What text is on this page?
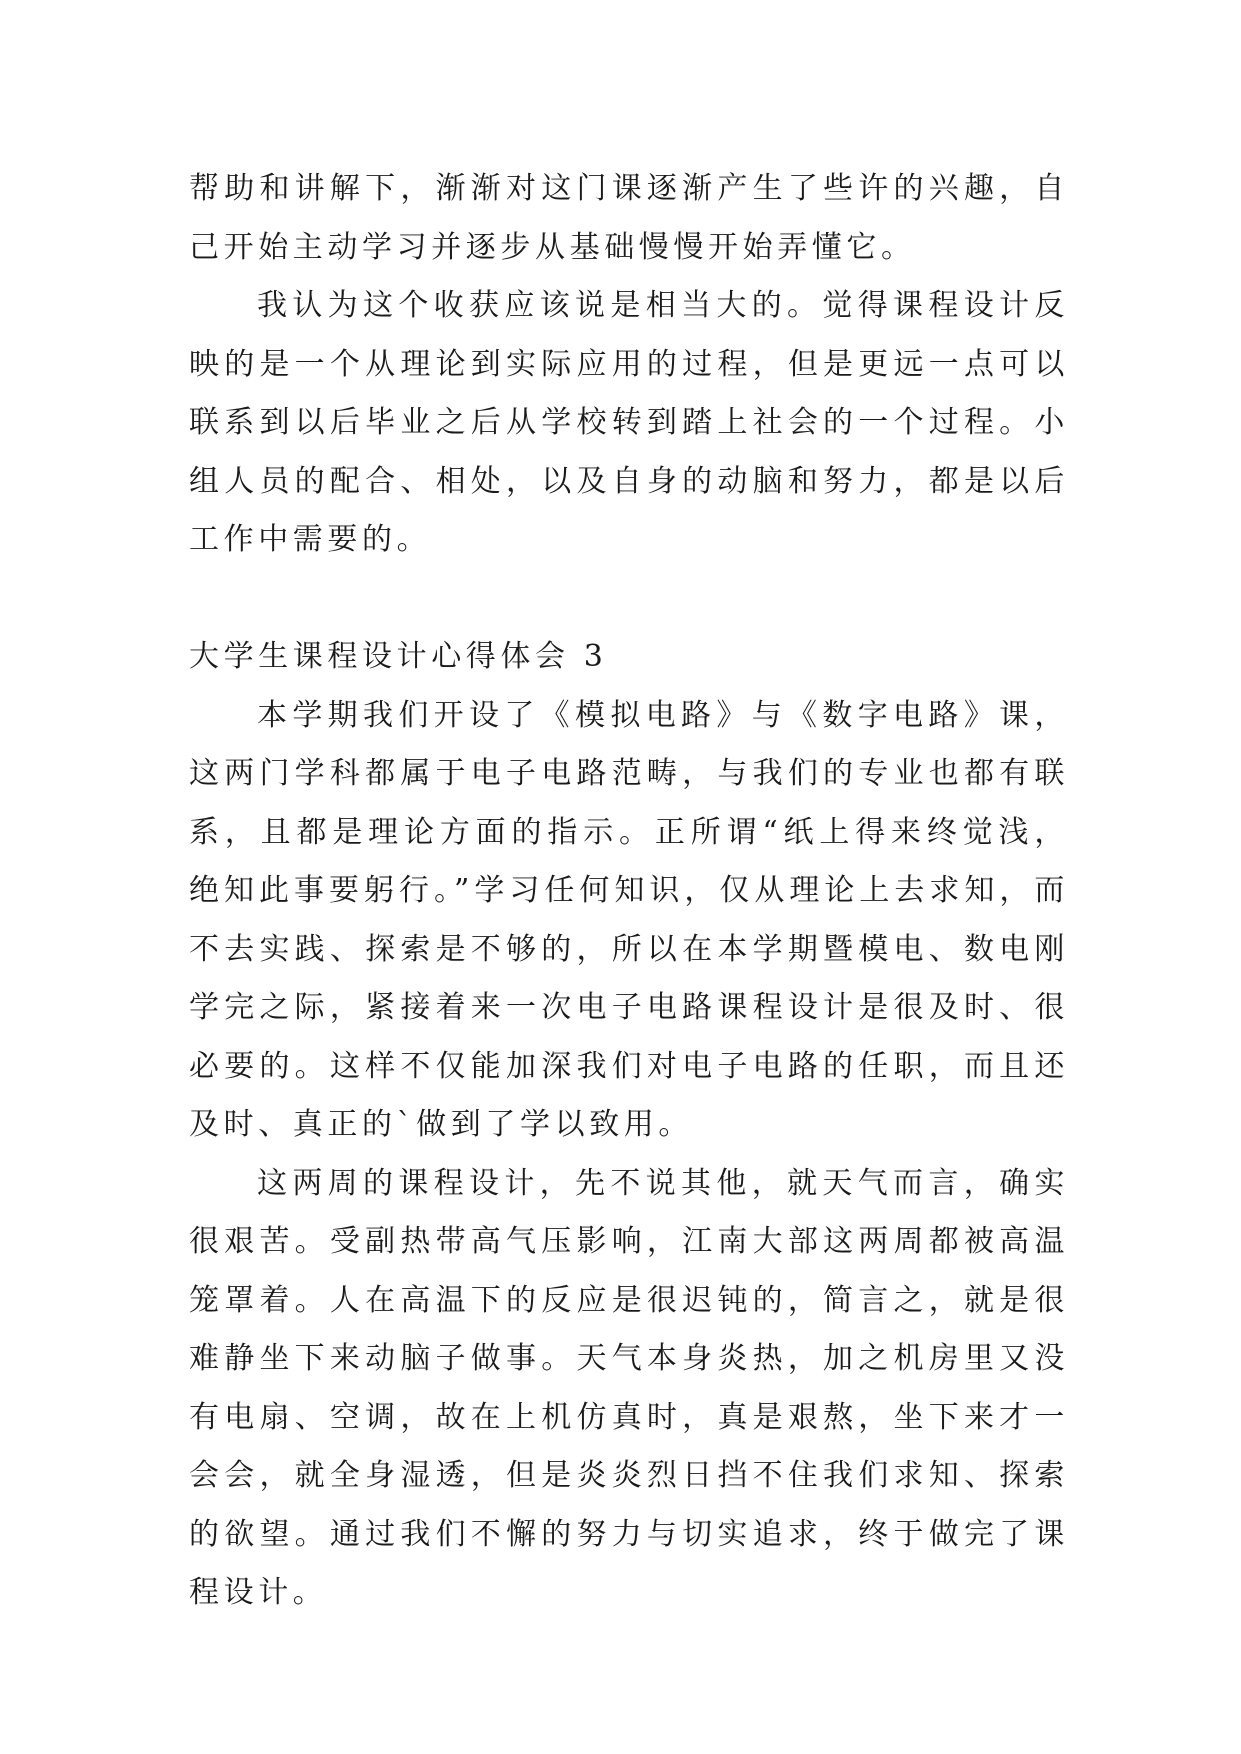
帮助和讲解下，渐渐对这门课逐渐产生了些许的兴趣，自己开始主动学习并逐步从基础慢慢开始弄懂它。

我认为这个收获应该说是相当大的。觉得课程设计反映的是一个从理论到实际应用的过程，但是更远一点可以联系到以后毕业之后从学校转到踏上社会的一个过程。小组人员的配合、相处，以及自身的动脑和努力，都是以后工作中需要的。

大学生课程设计心得体会 3

本学期我们开设了《模拟电路》与《数字电路》课，这两门学科都属于电子电路范畴，与我们的专业也都有联系，且都是理论方面的指示。正所谓“纸上得来终觉浅，绝知此事要躬行。”学习任何知识，仅从理论上去求知，而不去实践、探索是不够的，所以在本学期暨模电、数电刚学完之际，紧接着来一次电子电路课程设计是很及时、很必要的。这样不仅能加深我们对电子电路的任职，而且还及时、真正的`做到了学以致用。

这两周的课程设计，先不说其他，就天气而言，确实很艰苦。受副热带高气压影响，江南大部这两周都被高温笼罩着。人在高温下的反应是很迟钝的，简言之，就是很难静坐下来动脑子做事。天气本身炎热，加之机房里又没有电扇、空调，故在上机仿真时，真是艰熬，坐下来才一会会，就全身湿透，但是炎炎烈日挡不住我们求知、探索的欲望。通过我们不懈的努力与切实追求，终于做完了课程设计。
